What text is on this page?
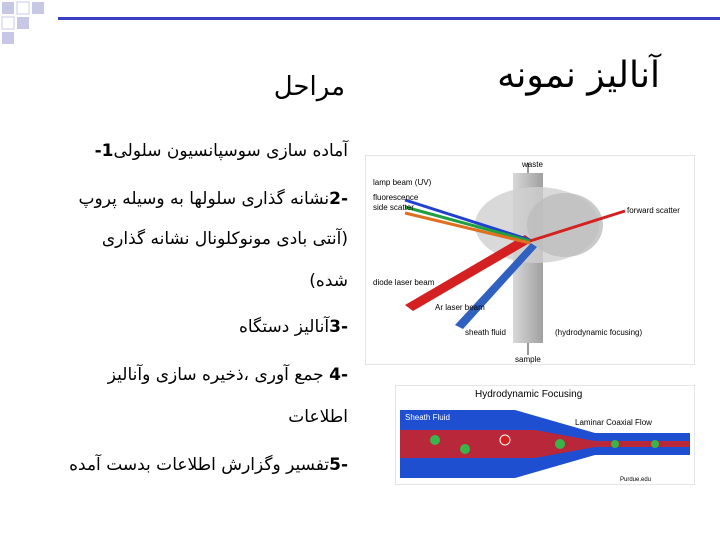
آنالیز نمونه
مراحل
آماده سازی سوسپانسیون سلولی1-
-2نشانه گذاری سلولها به وسیله پروپ
(آنتی بادی مونوکلونال نشانه گذاری
شده)
-3آنالیز دستگاه
-4 جمع آوری ،ذخیره سازی وآنالیز
اطلاعات
-5تفسیر وگزارش اطلاعات بدست آمده
waste
lamp beam (UV)
fluorescence
side scatter	forward scatter
diode laser beam
Ar laser beam
sheath fluid	(hydrodynamic focusing)
sample
Hydrodynamic Focusing
Sheath Fluid
Laminar Coaxial Flow
Purdue.edu
